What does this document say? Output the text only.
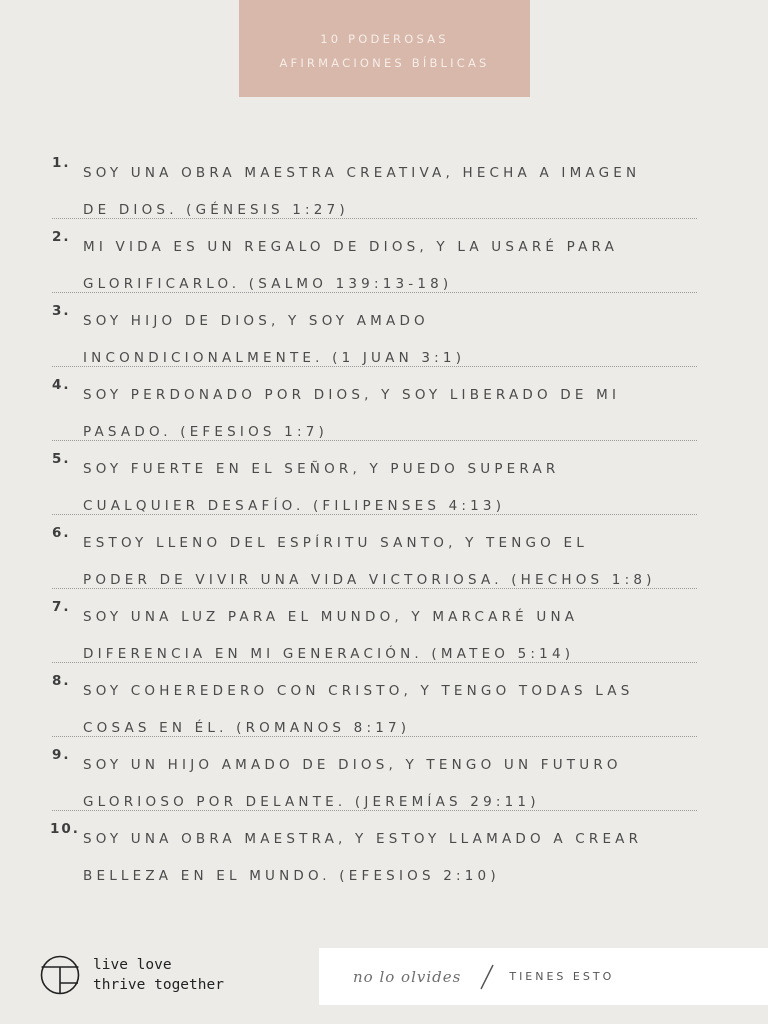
10 PODEROSAS
AFIRMACIONES BÍBLICAS
1.
SOY UNA OBRA MAESTRA CREATIVA, HECHA A IMAGEN
DE DIOS. (GÉNESIS 1:27)
2.
MI VIDA ES UN REGALO DE DIOS, Y LA USARÉ PARA
GLORIFICARLO. (SALMO 139:13-18)
3.
SOY HIJO DE DIOS, Y SOY AMADO
INCONDICIONALMENTE. (1 JUAN 3:1)
4.
SOY PERDONADO POR DIOS, Y SOY LIBERADO DE MI
PASADO. (EFESIOS 1:7)
5.
SOY FUERTE EN EL SEÑOR, Y PUEDO SUPERAR
CUALQUIER DESAFÍO. (FILIPENSES 4:13)
6.
ESTOY LLENO DEL ESPÍRITU SANTO, Y TENGO EL
PODER DE VIVIR UNA VIDA VICTORIOSA. (HECHOS 1:8)
7.
SOY UNA LUZ PARA EL MUNDO, Y MARCARÉ UNA
DIFERENCIA EN MI GENERACIÓN. (MATEO 5:14)
8.
SOY COHEREDERO CON CRISTO, Y TENGO TODAS LAS
COSAS EN ÉL. (ROMANOS 8:17)
9.
SOY UN HIJO AMADO DE DIOS, Y TENGO UN FUTURO
GLORIOSO POR DELANTE. (JEREMÍAS 29:11)
10.
SOY UNA OBRA MAESTRA, Y ESTOY LLAMADO A CREAR
BELLEZA EN EL MUNDO. (EFESIOS 2:10)
live love
thrive together	no lo olvides	TIENES ESTO
